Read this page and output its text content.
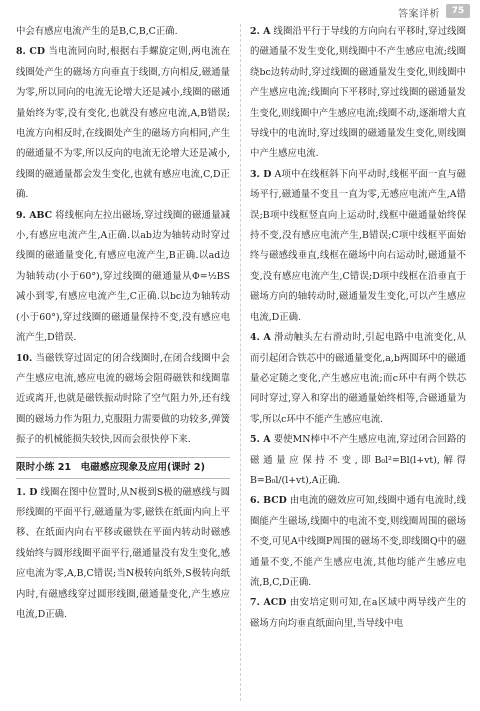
答案详析	75

中会有感应电流产生的是B,C,B,C正确.

8. CD 当电流同向时,根据右手螺旋定则,两电流在线圈处产生的磁场方向垂直于线圈,方向相反,磁通量为零,所以同向的电流无论增大还是减小,线圈的磁通量始终为零,没有变化,也就没有感应电流,A,B错误;电流方向相反时,在线圈处产生的磁场方向相同,产生的磁通量不为零,所以反向的电流无论增大还是减小,线圈的磁通量都会发生变化,也就有感应电流,C,D正确.

9. ABC 将线框向左拉出磁场,穿过线圈的磁通量减小,有感应电流产生,A正确.以ab边为轴转动时穿过线圈的磁通量变化,有感应电流产生,B正确.以ad边为轴转动(小于60°),穿过线圈的磁通量从Φ=½BS减小到零,有感应电流产生,C正确.以bc边为轴转动(小于60°),穿过线圈的磁通量保持不变,没有感应电流产生,D错误.

10. 当磁铁穿过固定的闭合线圈时,在闭合线圈中会产生感应电流,感应电流的磁场会阻碍磁铁和线圈靠近或离开,也就是磁铁振动时除了空气阻力外,还有线圈的磁场力作为阻力,克服阻力需要做的功较多,弹簧振子的机械能损失较快,因而会很快停下来.

限时小练 21　电磁感应现象及应用(课时 2)

1. D 线圈在图中位置时,从N极到S极的磁感线与圆形线圈的平面平行,磁通量为零,磁铁在纸面内向上平移、在纸面内向右平移或磁铁在平面内转动时磁感线始终与圆形线圈平面平行,磁通量没有发生变化,感应电流为零,A,B,C错误;当N极转向纸外,S极转向纸内时,有磁感线穿过圆形线圈,磁通量变化,产生感应电流,D正确.

2. A 线圈沿平行于导线的方向向右平移时,穿过线圈的磁通量不发生变化,则线圈中不产生感应电流;线圈绕bc边转动时,穿过线圈的磁通量发生变化,则线圈中产生感应电流;线圈向下平移时,穿过线圈的磁通量发生变化,则线圈中产生感应电流;线圈不动,逐渐增大直导线中的电流时,穿过线圈的磁通量发生变化,则线圈中产生感应电流.

3. D A项中在线框斜下向平动时,线框平面一直与磁场平行,磁通量不变且一直为零,无感应电流产生,A错误;B项中线框竖直向上运动时,线框中磁通量始终保持不变,没有感应电流产生,B错误;C项中线框平面始终与磁感线垂直,线框在磁场中向右运动时,磁通量不变,没有感应电流产生,C错误;D项中线框在沿垂直于磁场方向的轴转动时,磁通量发生变化,可以产生感应电流,D正确.

4. A 滑动触头左右滑动时,引起电路中电流变化,从而引起闭合铁芯中的磁通量变化,a,b两圆环中的磁通量必定随之变化,产生感应电流;而c环中有两个铁芯同时穿过,穿入和穿出的磁通量始终相等,合磁通量为零,所以c环中不能产生感应电流.

5. A 要使MN棒中不产生感应电流,穿过闭合回路的磁通量应保持不变,即B₀l²=Bl(l+vt),解得B=B₀l/(l+vt),A正确.

6. BCD 由电流的磁效应可知,线圈中通有电流时,线圈能产生磁场,线圈中的电流不变,则线圈周围的磁场不变,可见A中线圈P周围的磁场不变,即线圈Q中的磁通量不变,不能产生感应电流,其他均能产生感应电流,B,C,D正确.

7. ACD 由安培定则可知,在a区域中两导线产生的磁场方向均垂直纸面向里,当导线中电
